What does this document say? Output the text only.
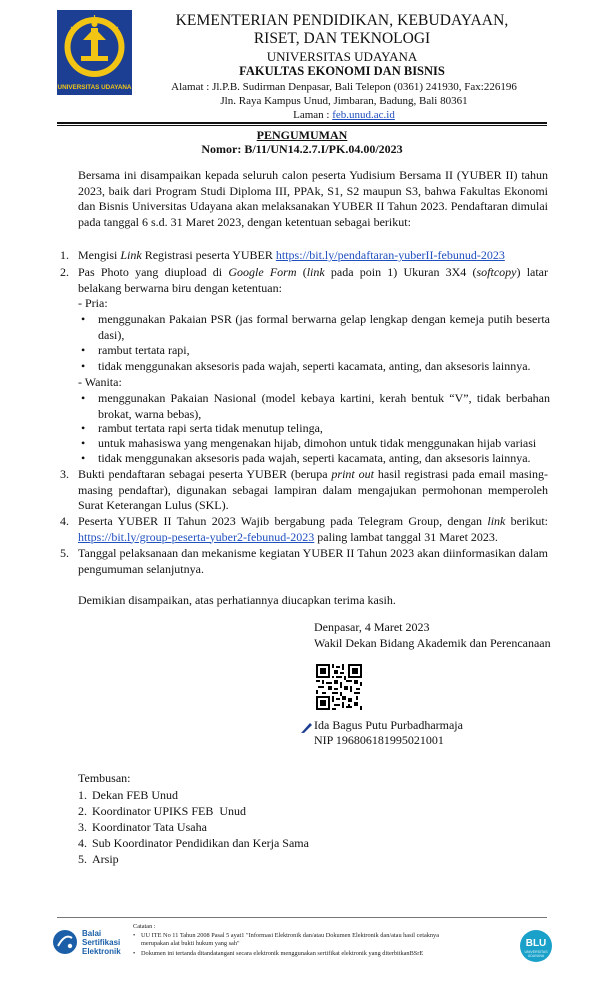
UNIVERSITAS UDAYANA
KEMENTERIAN PENDIDIKAN, KEBUDAYAAN,
RISET, DAN TEKNOLOGI
UNIVERSITAS UDAYANA
FAKULTAS EKONOMI DAN BISNIS
Alamat : Jl.P.B. Sudirman Denpasar, Bali Telepon (0361) 241930, Fax:226196
Jln. Raya Kampus Unud, Jimbaran, Badung, Bali 80361
Laman : feb.unud.ac.id
PENGUMUMAN
Nomor: B/11/UN14.2.7.I/PK.04.00/2023

Bersama ini disampaikan kepada seluruh calon peserta Yudisium Bersama II (YUBER II) tahun 2023, baik dari Program Studi Diploma III, PPAk, S1, S2 maupun S3, bahwa Fakultas Ekonomi dan Bisnis Universitas Udayana akan melaksanakan YUBER II Tahun 2023. Pendaftaran dimulai pada tanggal 6 s.d. 31 Maret 2023, dengan ketentuan sebagai berikut:

1. Mengisi Link Registrasi peserta YUBER https://bit.ly/pendaftaran-yuberII-febunud-2023
2. Pas Photo yang diupload di Google Form (link pada poin 1) Ukuran 3X4 (softcopy) latar belakang berwarna biru dengan ketentuan:
- Pria:
• menggunakan Pakaian PSR (jas formal berwarna gelap lengkap dengan kemeja putih beserta dasi),
• rambut tertata rapi,
• tidak menggunakan aksesoris pada wajah, seperti kacamata, anting, dan aksesoris lainnya.
- Wanita:
• menggunakan Pakaian Nasional (model kebaya kartini, kerah bentuk “V”, tidak berbahan brokat, warna bebas),
• rambut tertata rapi serta tidak menutup telinga,
• untuk mahasiswa yang mengenakan hijab, dimohon untuk tidak menggunakan hijab variasi
• tidak menggunakan aksesoris pada wajah, seperti kacamata, anting, dan aksesoris lainnya.
3. Bukti pendaftaran sebagai peserta YUBER (berupa print out hasil registrasi pada email masing-masing pendaftar), digunakan sebagai lampiran dalam mengajukan permohonan memperoleh Surat Keterangan Lulus (SKL).
4. Peserta YUBER II Tahun 2023 Wajib bergabung pada Telegram Group, dengan link berikut: https://bit.ly/group-peserta-yuber2-febunud-2023 paling lambat tanggal 31 Maret 2023.
5. Tanggal pelaksanaan dan mekanisme kegiatan YUBER II Tahun 2023 akan diinformasikan dalam pengumuman selanjutnya.

Demikian disampaikan, atas perhatiannya diucapkan terima kasih.

Denpasar, 4 Maret 2023
Wakil Dekan Bidang Akademik dan Perencanaan
Ida Bagus Putu Purbadharmaja
NIP 196806181995021001
Tembusan:
1. Dekan FEB Unud
2. Koordinator UPIKS FEB  Unud
3. Koordinator Tata Usaha
4. Sub Koordinator Pendidikan dan Kerja Sama
5. Arsip
Balai
Sertifikasi
Elektronik
Catatan :
• UU ITE No 11 Tahun 2008 Pasal 5 ayat1 "Informasi Elektronik dan/atau Dokumen Elektronik dan/atau hasil cetaknya
merupakan alat bukti hukum yang sah"
• Dokumen ini tertanda ditandatangani secara elektronik menggunakan sertifikat elektronik yang diterbitkanBSrE
BLU
UNIVERSITAS UDAYANA
